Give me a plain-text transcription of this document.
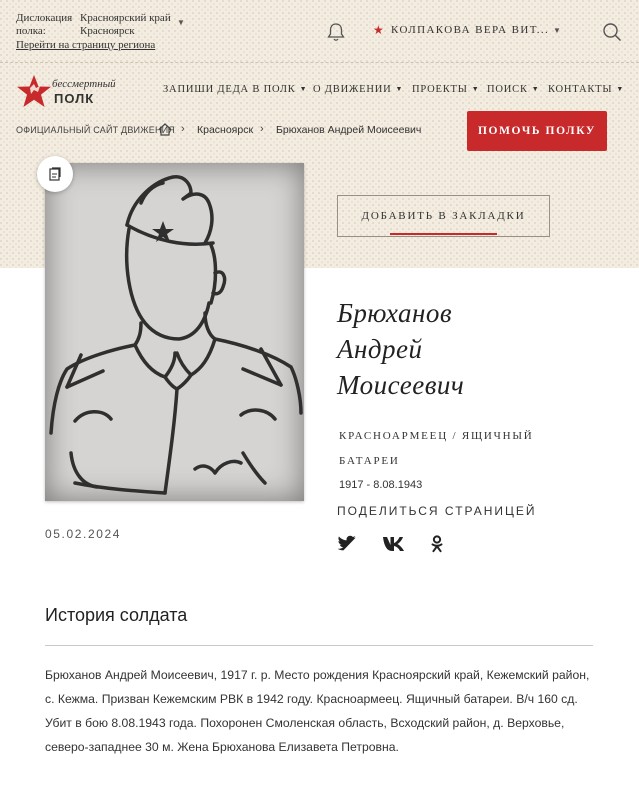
Дислокация полка:
Красноярский край Красноярск
▼
Перейти на страницу региона
★ КОЛПАКОВА ВЕРА ВИТ... ▼
бессмертный
ПОЛК
ЗАПИШИ ДЕДА В ПОЛК ▼ О ДВИЖЕНИИ ▼ ПРОЕКТЫ ▼ ПОИСК ▼ КОНТАКТЫ ▼
ОФИЦИАЛЬНЫЙ САЙТ ДВИЖЕНИЯ › Красноярск › Брюханов Андрей Моисеевич	ПОМОЧЬ ПОЛКУ
ДОБАВИТЬ В ЗАКЛАДКИ
Брюханов
Андрей
Моисеевич
КРАСНОАРМЕЕЦ / ЯЩИЧНЫЙ БАТАРЕИ
1917 - 8.08.1943
ПОДЕЛИТЬСЯ СТРАНИЦЕЙ
05.02.2024
История солдата
Брюханов Андрей Моисеевич, 1917 г. р. Место рождения Красноярский край, Кежемский район, с. Кежма. Призван Кежемским РВК в 1942 году. Красноармеец. Ящичный батареи. В/ч 160 сд. Убит в бою 8.08.1943 года. Похоронен Смоленская область, Всходский район, д. Верховье, северо-западнее 30 м. Жена Брюханова Елизавета Петровна.
